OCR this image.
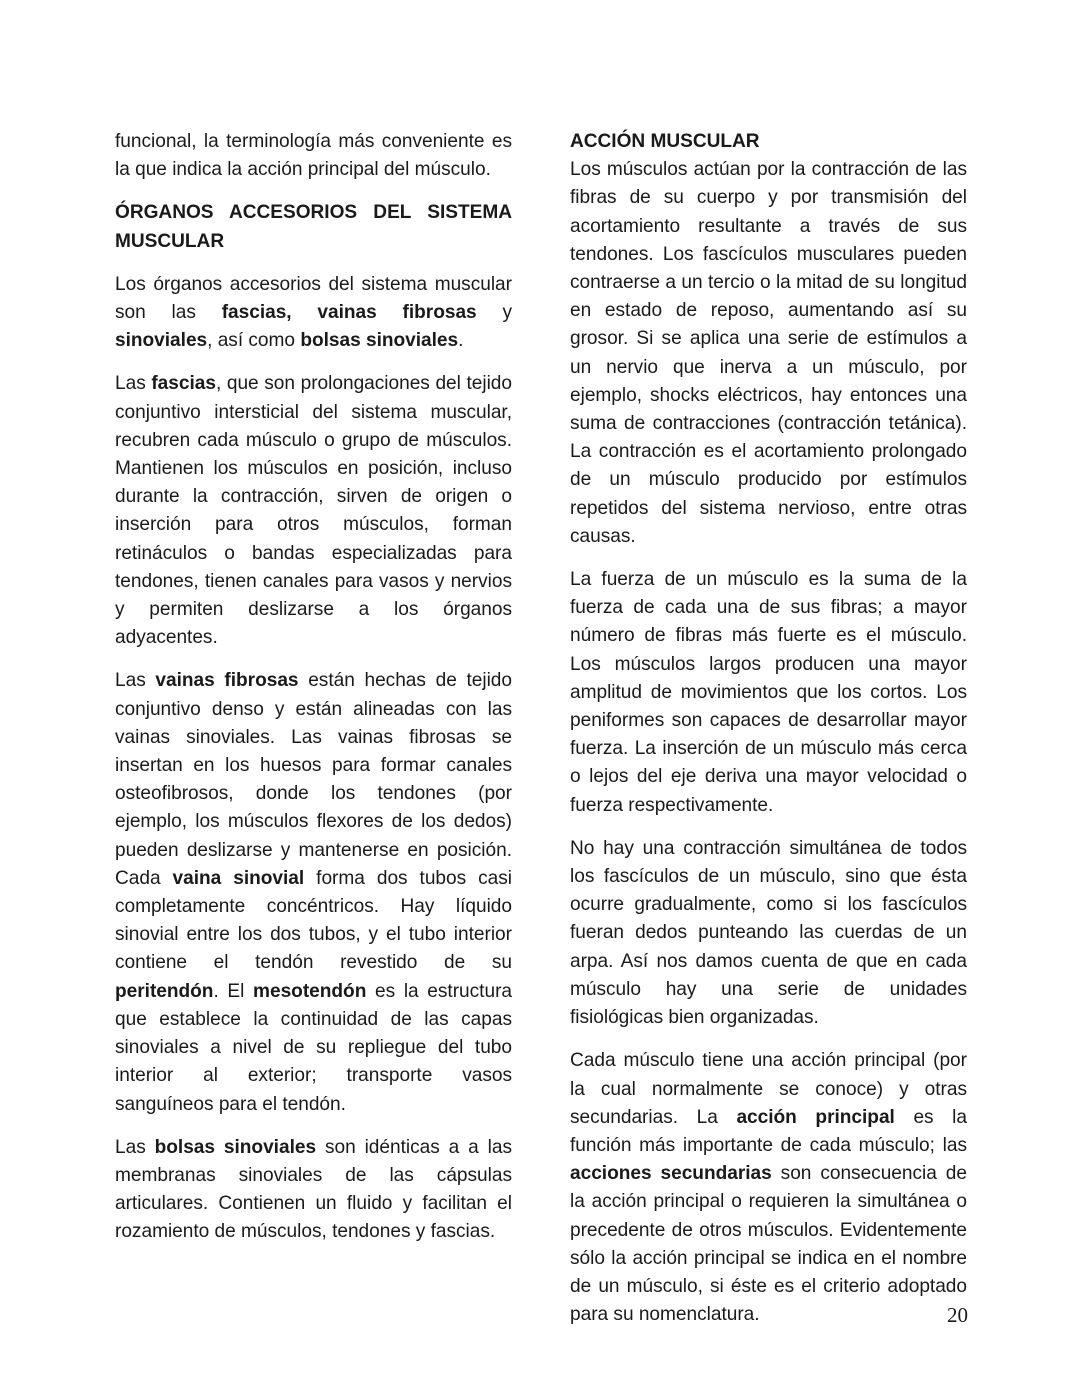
funcional, la terminología más conveniente es la que indica la acción principal del músculo.

ÓRGANOS ACCESORIOS DEL SISTEMA MUSCULAR

Los órganos accesorios del sistema muscular son las fascias, vainas fibrosas y sinoviales, así como bolsas sinoviales.

Las fascias, que son prolongaciones del tejido conjuntivo intersticial del sistema muscular, recubren cada músculo o grupo de músculos. Mantienen los músculos en posición, incluso durante la contracción, sirven de origen o inserción para otros músculos, forman retináculos o bandas especializadas para tendones, tienen canales para vasos y nervios y permiten deslizarse a los órganos adyacentes.

Las vainas fibrosas están hechas de tejido conjuntivo denso y están alineadas con las vainas sinoviales. Las vainas fibrosas se insertan en los huesos para formar canales osteofibrosos, donde los tendones (por ejemplo, los músculos flexores de los dedos) pueden deslizarse y mantenerse en posición. Cada vaina sinovial forma dos tubos casi completamente concéntricos. Hay líquido sinovial entre los dos tubos, y el tubo interior contiene el tendón revestido de su peritendón. El mesotendón es la estructura que establece la continuidad de las capas sinoviales a nivel de su repliegue del tubo interior al exterior; transporte vasos sanguíneos para el tendón.

Las bolsas sinoviales son idénticas a a las membranas sinoviales de las cápsulas articulares. Contienen un fluido y facilitan el rozamiento de músculos, tendones y fascias.

ACCIÓN MUSCULAR

Los músculos actúan por la contracción de las fibras de su cuerpo y por transmisión del acortamiento resultante a través de sus tendones. Los fascículos musculares pueden contraerse a un tercio o la mitad de su longitud en estado de reposo, aumentando así su grosor. Si se aplica una serie de estímulos a un nervio que inerva a un músculo, por ejemplo, shocks eléctricos, hay entonces una suma de contracciones (contracción tetánica). La contracción es el acortamiento prolongado de un músculo producido por estímulos repetidos del sistema nervioso, entre otras causas.

La fuerza de un músculo es la suma de la fuerza de cada una de sus fibras; a mayor número de fibras más fuerte es el músculo. Los músculos largos producen una mayor amplitud de movimientos que los cortos. Los peniformes son capaces de desarrollar mayor fuerza. La inserción de un músculo más cerca o lejos del eje deriva una mayor velocidad o fuerza respectivamente.

No hay una contracción simultánea de todos los fascículos de un músculo, sino que ésta ocurre gradualmente, como si los fascículos fueran dedos punteando las cuerdas de un arpa. Así nos damos cuenta de que en cada músculo hay una serie de unidades fisiológicas bien organizadas.

Cada músculo tiene una acción principal (por la cual normalmente se conoce) y otras secundarias. La acción principal es la función más importante de cada músculo; las acciones secundarias son consecuencia de la acción principal o requieren la simultánea o precedente de otros músculos. Evidentemente sólo la acción principal se indica en el nombre de un músculo, si éste es el criterio adoptado para su nomenclatura.	20
